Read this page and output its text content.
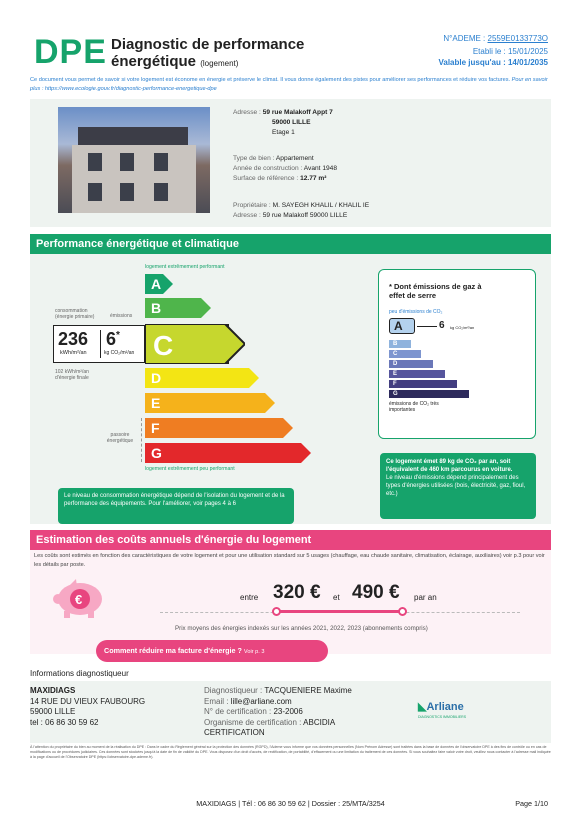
DPE Diagnostic de performance
énergétique (logement)
N°ADEME : 2559E0133773O
Etabli le : 15/01/2025
Valable jusqu'au : 14/01/2035
Ce document vous permet de savoir si votre logement est économe en énergie et préserve le climat. Il vous donne également des pistes pour améliorer ses performances et réduire vos factures. Pour en savoir plus : https://www.ecologie.gouv.fr/diagnostic-performance-energetique-dpe
Adresse : 59 rue Malakoff Appt 7
59000 LILLE
Etage 1
Type de bien : Appartement
Année de construction : Avant 1948
Surface de référence : 12.77 m²
Propriétaire : M. SAYEGH KHALIL / KHALIL IE
Adresse : 59 rue Malakoff 59000 LILLE
Performance énergétique et climatique
logement extrêmement performant
logement extrêmement peu performant
A
B
D
E
F
G
C
consommation (énergie primaire)	émissions
236
kWh/m²/an
6*
kg CO₂/m²/an
102 kWh/m²/an d'énergie finale
passoire énergétique
Le niveau de consommation énergétique dépend de l'isolation du logement et de la performance des équipements. Pour l'améliorer, voir pages 4 à 6
* Dont émissions de gaz à effet de serre
peu d'émissions de CO₂
A	6 kg CO₂/m²/an
B
C
D
E
F
G
émissions de CO₂ très importantes
Ce logement émet 89 kg de CO₂ par an, soit l'équivalent de 460 km parcourus en voiture.
Le niveau d'émissions dépend principalement des types d'énergies utilisées (bois, électricité, gaz, fioul, etc.)
Estimation des coûts annuels d'énergie du logement
Les coûts sont estimés en fonction des caractéristiques de votre logement et pour une utilisation standard sur 5 usages (chauffage, eau chaude sanitaire, climatisation, éclairage, auxiliaires) voir p.3 pour voir les détails par poste.
€	entre 320 € et 490 € par an
Prix moyens des énergies indexés sur les années 2021, 2022, 2023 (abonnements compris)
Comment réduire ma facture d'énergie ? Voir p. 3
Informations diagnostiqueur
MAXIDIAGS
14 RUE DU VIEUX FAUBOURG
59000 LILLE
tel : 06 86 30 59 62
Diagnostiqueur : TACQUENIERE Maxime
Email : lille@arliane.com
N° de certification : 23-2006
Organisme de certification : ABCIDIA
CERTIFICATION
◣Arliane
DIAGNOSTICS IMMOBILIERS
À l'attention du propriétaire du bien au moment de la réalisation du DPE : Dans le cadre du Règlement général sur la protection des données (RGPD), l'Ademe vous informe que vos données personnelles (Nom Prénom Adresse) sont traitées dans la base de données de l'observatoire DPE à des fins de contrôle ou en cas de modifications ou de procédures judiciaires. Ces données sont stockées jusqu'à la date de fin de validité du DPE. Vous disposez d'un droit d'accès, de rectification, de portabilité, d'effacement ou une limitation du traitement de ces données. Si vous souhaitez faire valoir votre droit, veuillez nous contacter à l'adresse mail indiquée à la page d'accueil de l'Observatoire DPE (https://observatoire-dpe.ademe.fr).
MAXIDIAGS | Tél : 06 86 30 59 62 | Dossier : 25/MTA/3254	Page 1/10
